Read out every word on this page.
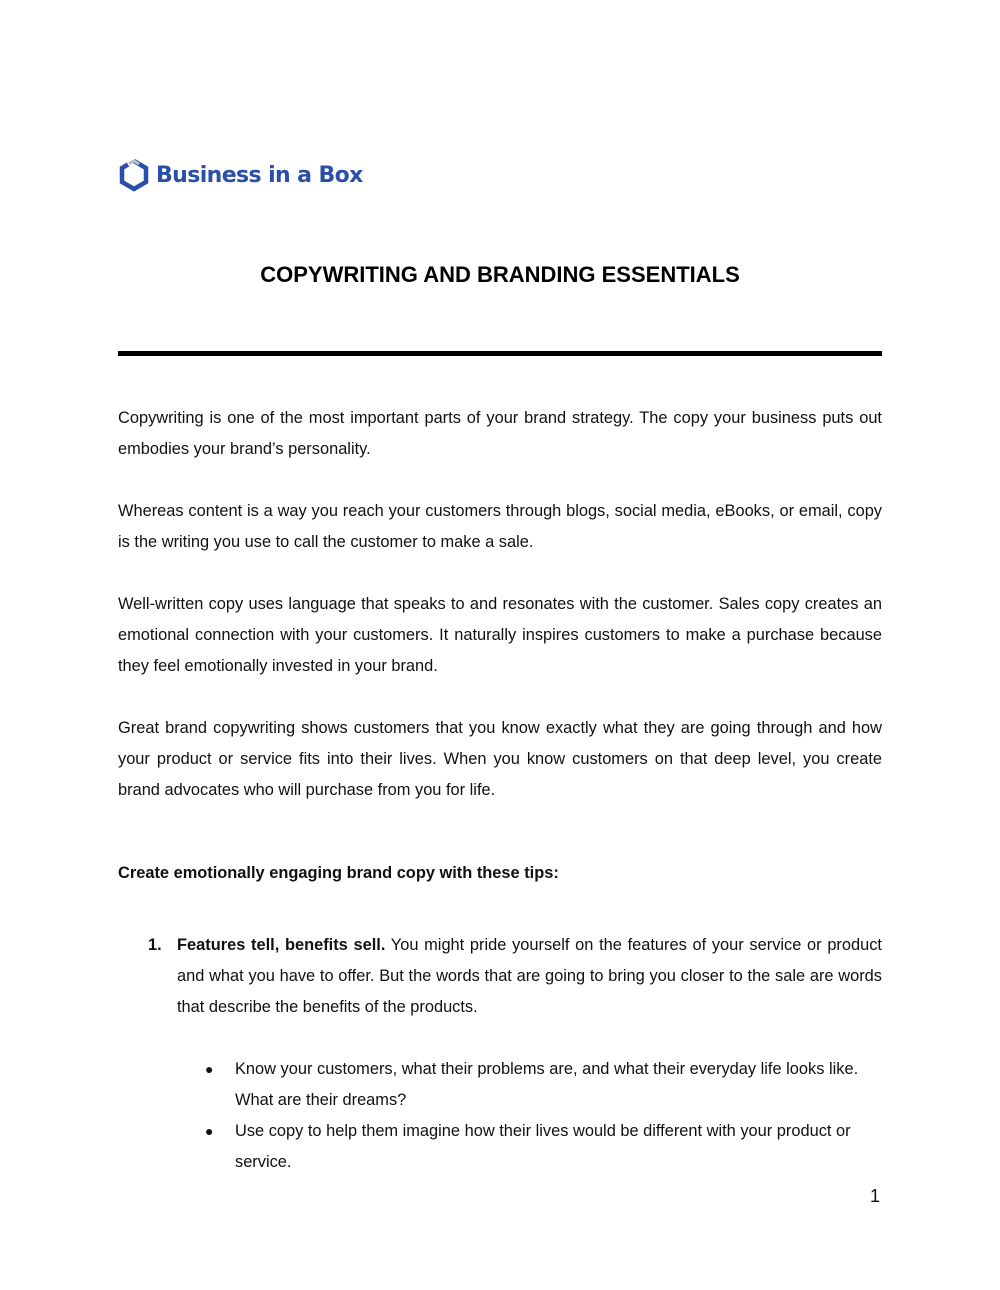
Business in a Box
COPYWRITING AND BRANDING ESSENTIALS

Copywriting is one of the most important parts of your brand strategy. The copy your business puts out embodies your brand’s personality.

Whereas content is a way you reach your customers through blogs, social media, eBooks, or email, copy is the writing you use to call the customer to make a sale.

Well-written copy uses language that speaks to and resonates with the customer. Sales copy creates an emotional connection with your customers. It naturally inspires customers to make a purchase because they feel emotionally invested in your brand.

Great brand copywriting shows customers that you know exactly what they are going through and how your product or service fits into their lives. When you know customers on that deep level, you create brand advocates who will purchase from you for life.

Create emotionally engaging brand copy with these tips:

1. Features tell, benefits sell. You might pride yourself on the features of your service or product and what you have to offer. But the words that are going to bring you closer to the sale are words that describe the benefits of the products.
● Know your customers, what their problems are, and what their everyday life looks like. What are their dreams?
● Use copy to help them imagine how their lives would be different with your product or service.
1
